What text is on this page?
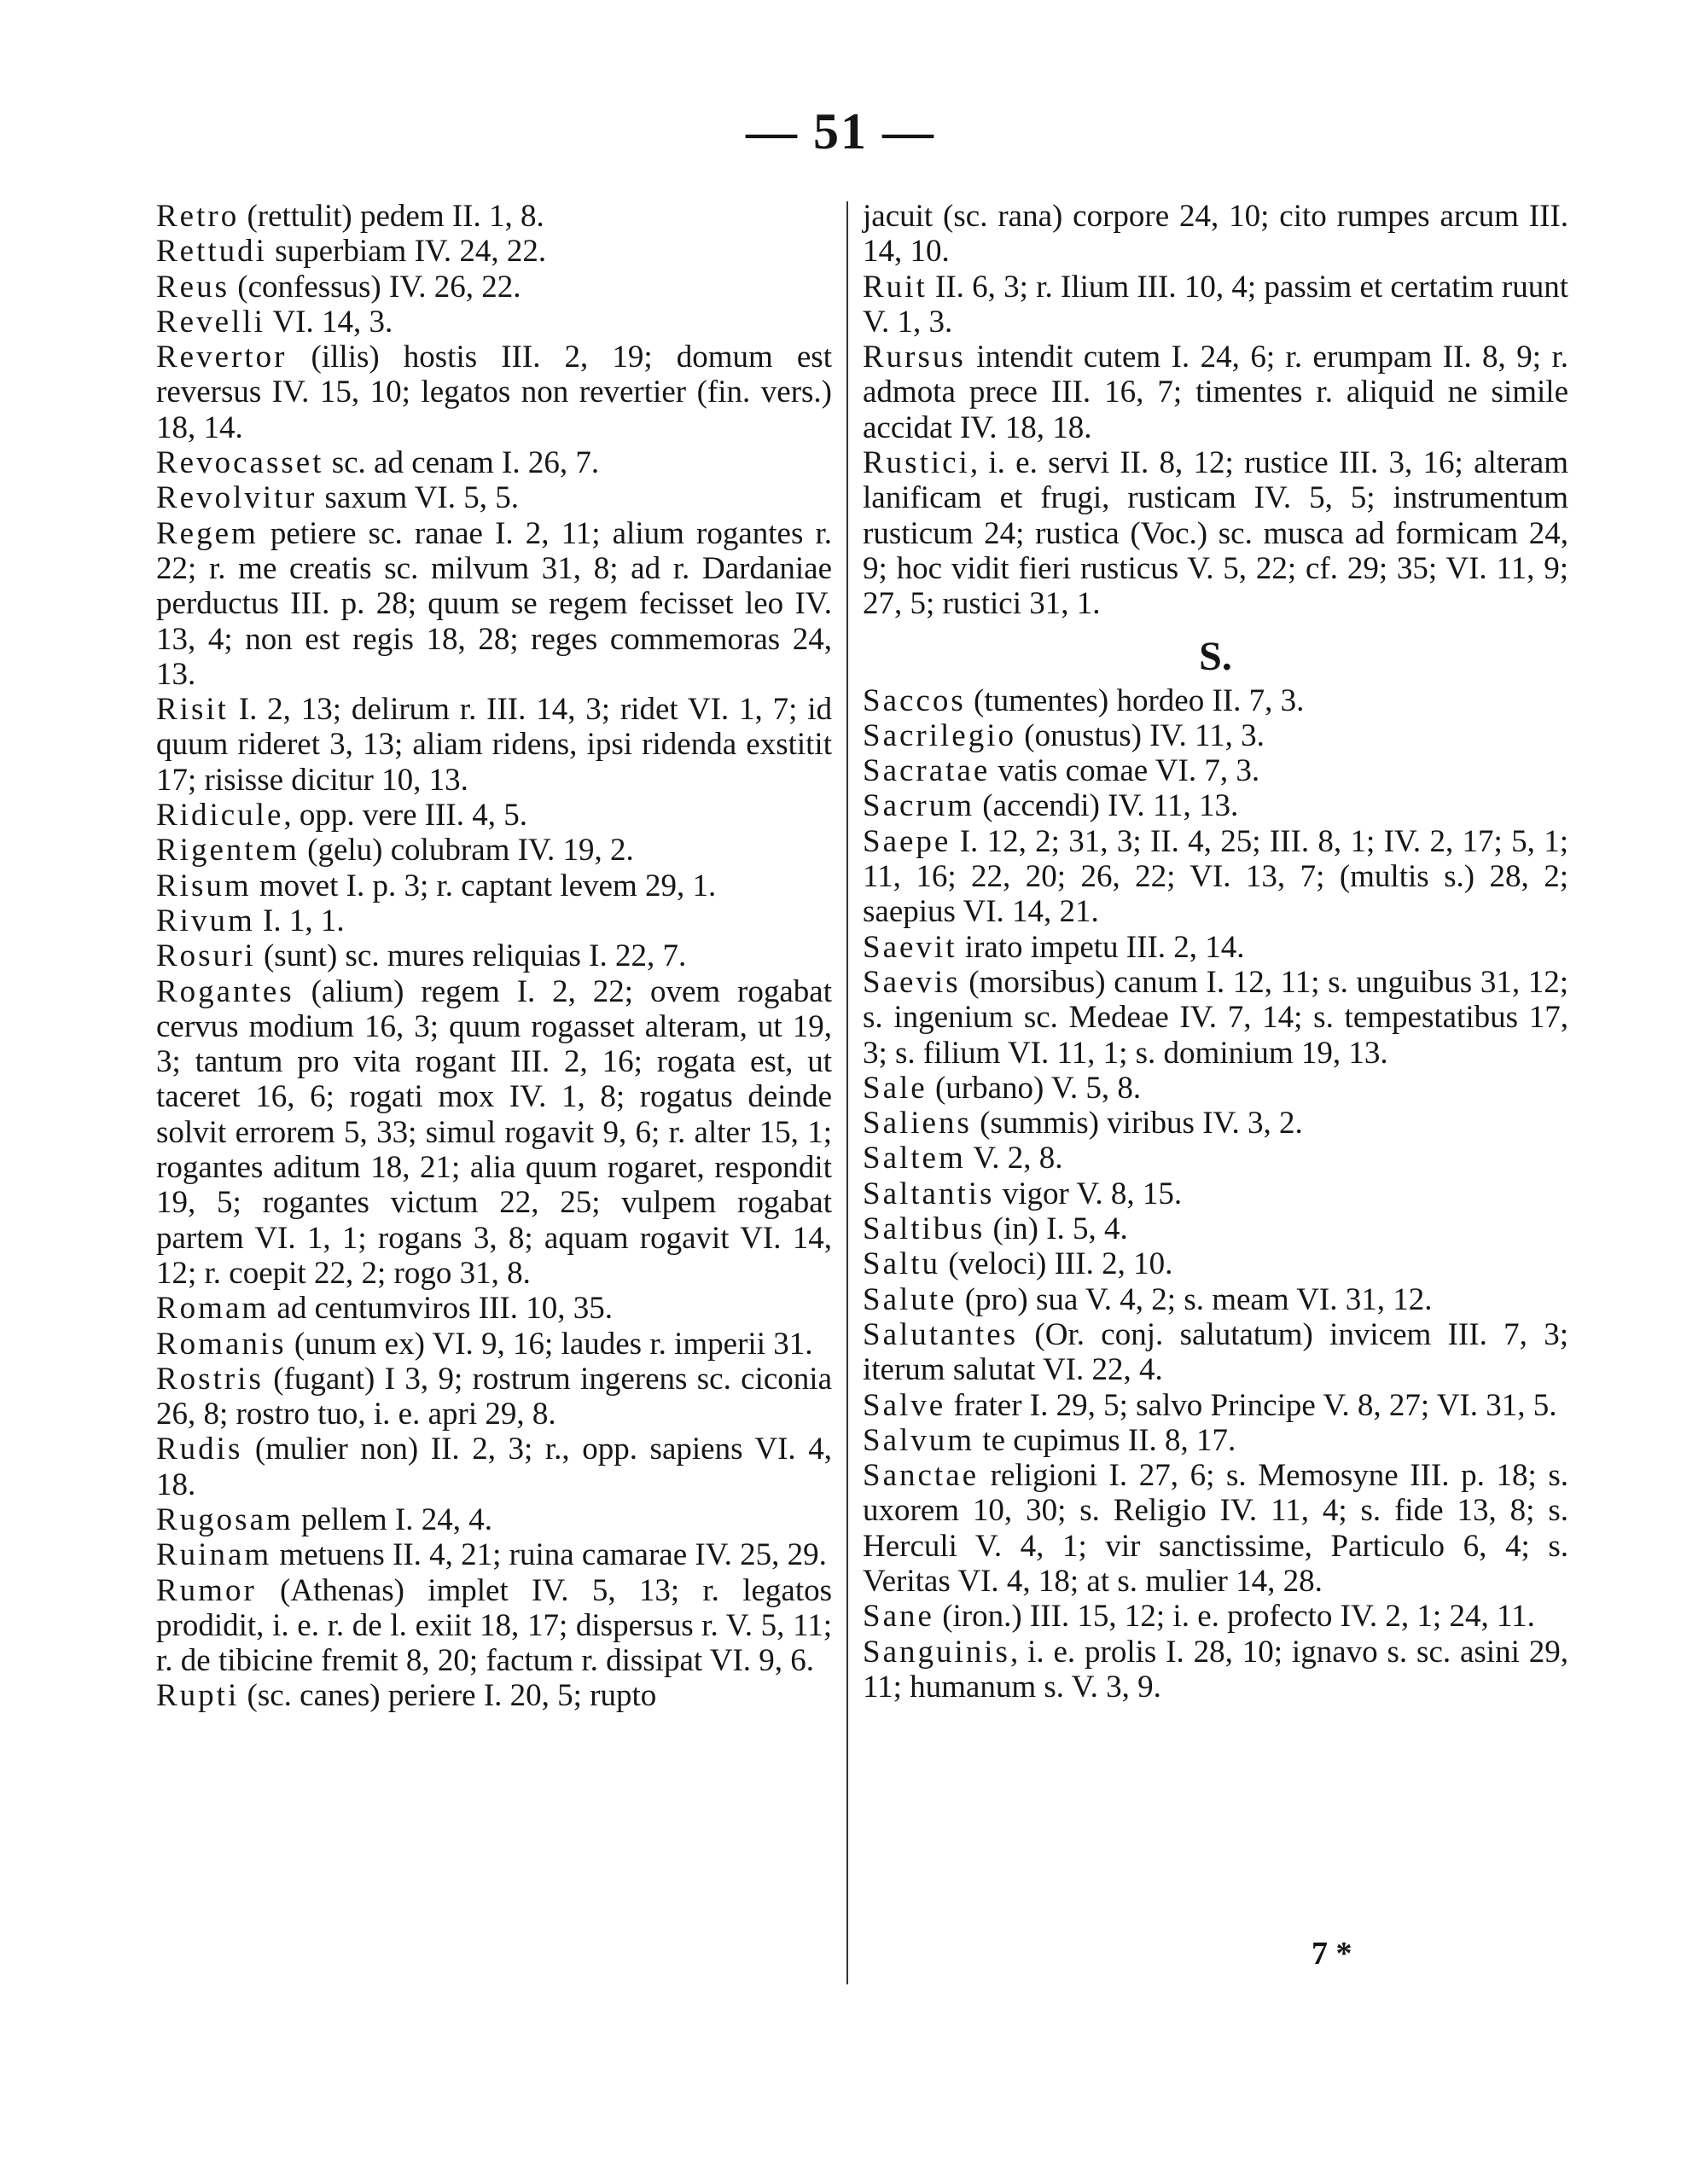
— 51 —

Retro (rettulit) pedem II. 1, 8.

Rettudi superbiam IV. 24, 22.

Reus (confessus) IV. 26, 22.

Revelli VI. 14, 3.

Revertor (illis) hostis III. 2, 19; domum est reversus IV. 15, 10; legatos non revertier (fin. vers.) 18, 14.

Revocasset sc. ad cenam I. 26, 7.

Revolvitur saxum VI. 5, 5.

Regem petiere sc. ranae I. 2, 11; alium rogantes r. 22; r. me creatis sc. milvum 31, 8; ad r. Dardaniae perductus III. p. 28; quum se regem fecisset leo IV. 13, 4; non est regis 18, 28; reges commemoras 24, 13.

Risit I. 2, 13; delirum r. III. 14, 3; ridet VI. 1, 7; id quum rideret 3, 13; aliam ridens, ipsi ridenda exstitit 17; risisse dicitur 10, 13.

Ridicule, opp. vere III. 4, 5.

Rigentem (gelu) colubram IV. 19, 2.

Risum movet I. p. 3; r. captant levem 29, 1.

Rivum I. 1, 1.

Rosuri (sunt) sc. mures reliquias I. 22, 7.

Rogantes (alium) regem I. 2, 22; ovem rogabat cervus modium 16, 3; quum rogasset alteram, ut 19, 3; tantum pro vita rogant III. 2, 16; rogata est, ut taceret 16, 6; rogati mox IV. 1, 8; rogatus deinde solvit errorem 5, 33; simul rogavit 9, 6; r. alter 15, 1; rogantes aditum 18, 21; alia quum rogaret, respondit 19, 5; rogantes victum 22, 25; vulpem rogabat partem VI. 1, 1; rogans 3, 8; aquam rogavit VI. 14, 12; r. coepit 22, 2; rogo 31, 8.

Romam ad centumviros III. 10, 35.

Romanis (unum ex) VI. 9, 16; laudes r. imperii 31.

Rostris (fugant) I 3, 9; rostrum ingerens sc. ciconia 26, 8; rostro tuo, i. e. apri 29, 8.

Rudis (mulier non) II. 2, 3; r., opp. sapiens VI. 4, 18.

Rugosam pellem I. 24, 4.

Ruinam metuens II. 4, 21; ruina camarae IV. 25, 29.

Rumor (Athenas) implet IV. 5, 13; r. legatos prodidit, i. e. r. de l. exiit 18, 17; dispersus r. V. 5, 11; r. de tibicine fremit 8, 20; factum r. dissipat VI. 9, 6.

Rupti (sc. canes) periere I. 20, 5; rupto

jacuit (sc. rana) corpore 24, 10; cito rumpes arcum III. 14, 10.

Ruit II. 6, 3; r. Ilium III. 10, 4; passim et certatim ruunt V. 1, 3.

Rursus intendit cutem I. 24, 6; r. erumpam II. 8, 9; r. admota prece III. 16, 7; timentes r. aliquid ne simile accidat IV. 18, 18.

Rustici, i. e. servi II. 8, 12; rustice III. 3, 16; alteram lanificam et frugi, rusticam IV. 5, 5; instrumentum rusticum 24; rustica (Voc.) sc. musca ad formicam 24, 9; hoc vidit fieri rusticus V. 5, 22; cf. 29; 35; VI. 11, 9; 27, 5; rustici 31, 1.

S.

Saccos (tumentes) hordeo II. 7, 3.

Sacrilegio (onustus) IV. 11, 3.

Sacratae vatis comae VI. 7, 3.

Sacrum (accendi) IV. 11, 13.

Saepe I. 12, 2; 31, 3; II. 4, 25; III. 8, 1; IV. 2, 17; 5, 1; 11, 16; 22, 20; 26, 22; VI. 13, 7; (multis s.) 28, 2; saepius VI. 14, 21.

Saevit irato impetu III. 2, 14.

Saevis (morsibus) canum I. 12, 11; s. unguibus 31, 12; s. ingenium sc. Medeae IV. 7, 14; s. tempestatibus 17, 3; s. filium VI. 11, 1; s. dominium 19, 13.

Sale (urbano) V. 5, 8.

Saliens (summis) viribus IV. 3, 2.

Saltem V. 2, 8.

Saltantis vigor V. 8, 15.

Saltibus (in) I. 5, 4.

Saltu (veloci) III. 2, 10.

Salute (pro) sua V. 4, 2; s. meam VI. 31, 12.

Salutantes (Or. conj. salutatum) invicem III. 7, 3; iterum salutat VI. 22, 4.

Salve frater I. 29, 5; salvo Principe V. 8, 27; VI. 31, 5.

Salvum te cupimus II. 8, 17.

Sanctae religioni I. 27, 6; s. Memosyne III. p. 18; s. uxorem 10, 30; s. Religio IV. 11, 4; s. fide 13, 8; s. Herculi V. 4, 1; vir sanctissime, Particulo 6, 4; s. Veritas VI. 4, 18; at s. mulier 14, 28.

Sane (iron.) III. 15, 12; i. e. profecto IV. 2, 1; 24, 11.

Sanguinis, i. e. prolis I. 28, 10; ignavo s. sc. asini 29, 11; humanum s. V. 3, 9.

7 *
